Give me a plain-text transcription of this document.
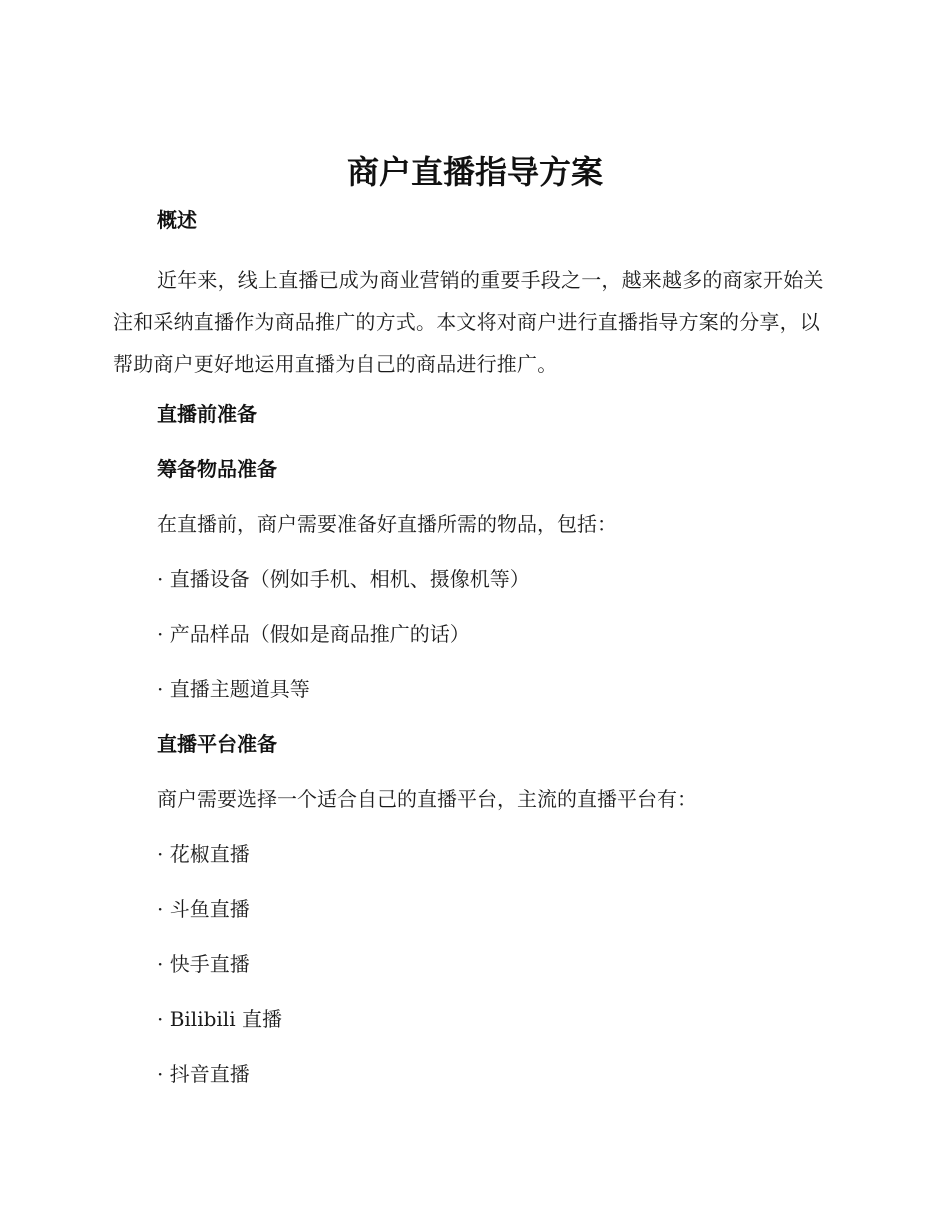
商户直播指导方案
概述

近年来，线上直播已成为商业营销的重要手段之一，越来越多的商家开始关注和采纳直播作为商品推广的方式。本文将对商户进行直播指导方案的分享，以帮助商户更好地运用直播为自己的商品进行推广。

直播前准备
筹备物品准备

在直播前，商户需要准备好直播所需的物品，包括：

· 直播设备（例如手机、相机、摄像机等）

· 产品样品（假如是商品推广的话）

· 直播主题道具等

直播平台准备

商户需要选择一个适合自己的直播平台，主流的直播平台有：

· 花椒直播

· 斗鱼直播

· 快手直播

· Bilibili 直播

· 抖音直播
